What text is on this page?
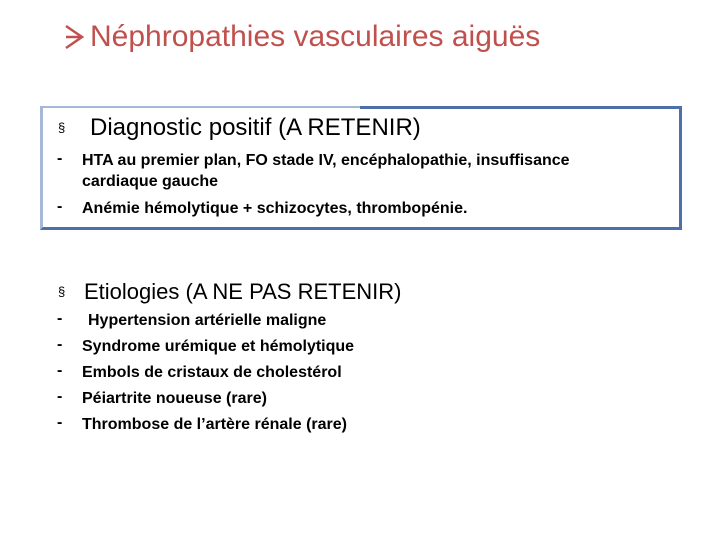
Néphropathies vasculaires aiguës
§ Diagnostic positif (A RETENIR)
- HTA au premier plan, FO stade IV, encéphalopathie, insuffisance
cardiaque gauche
- Anémie hémolytique + schizocytes, thrombopénie.
§ Etiologies (A NE PAS RETENIR)
- Hypertension artérielle maligne
- Syndrome urémique et hémolytique
- Embols de cristaux de cholestérol
- Péiartrite noueuse (rare)
- Thrombose de l’artère rénale (rare)
